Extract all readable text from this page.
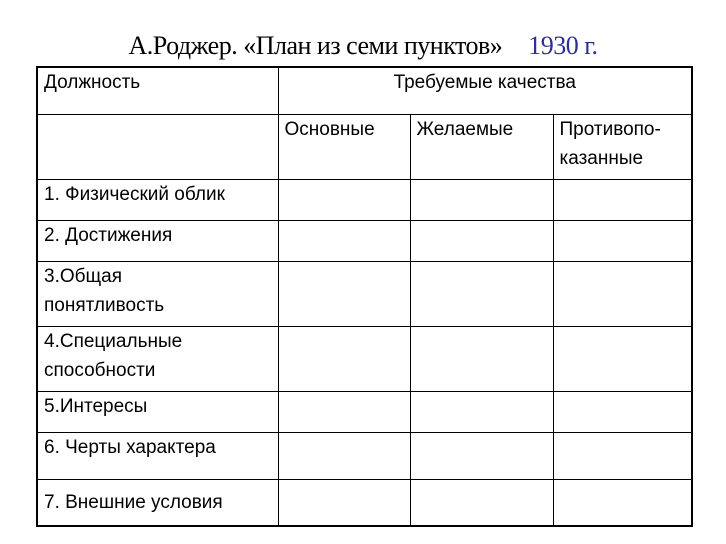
А.Роджер. «План из семи пунктов» 1930 г.
Должность	Требуемые качества		
	Основные	Желаемые	Противопо-
казанные
1. Физический облик			
2. Достижения			
3.Общая
понятливость			
4.Специальные
способности			
5.Интересы			
6. Черты характера			
7. Внешние условия			
